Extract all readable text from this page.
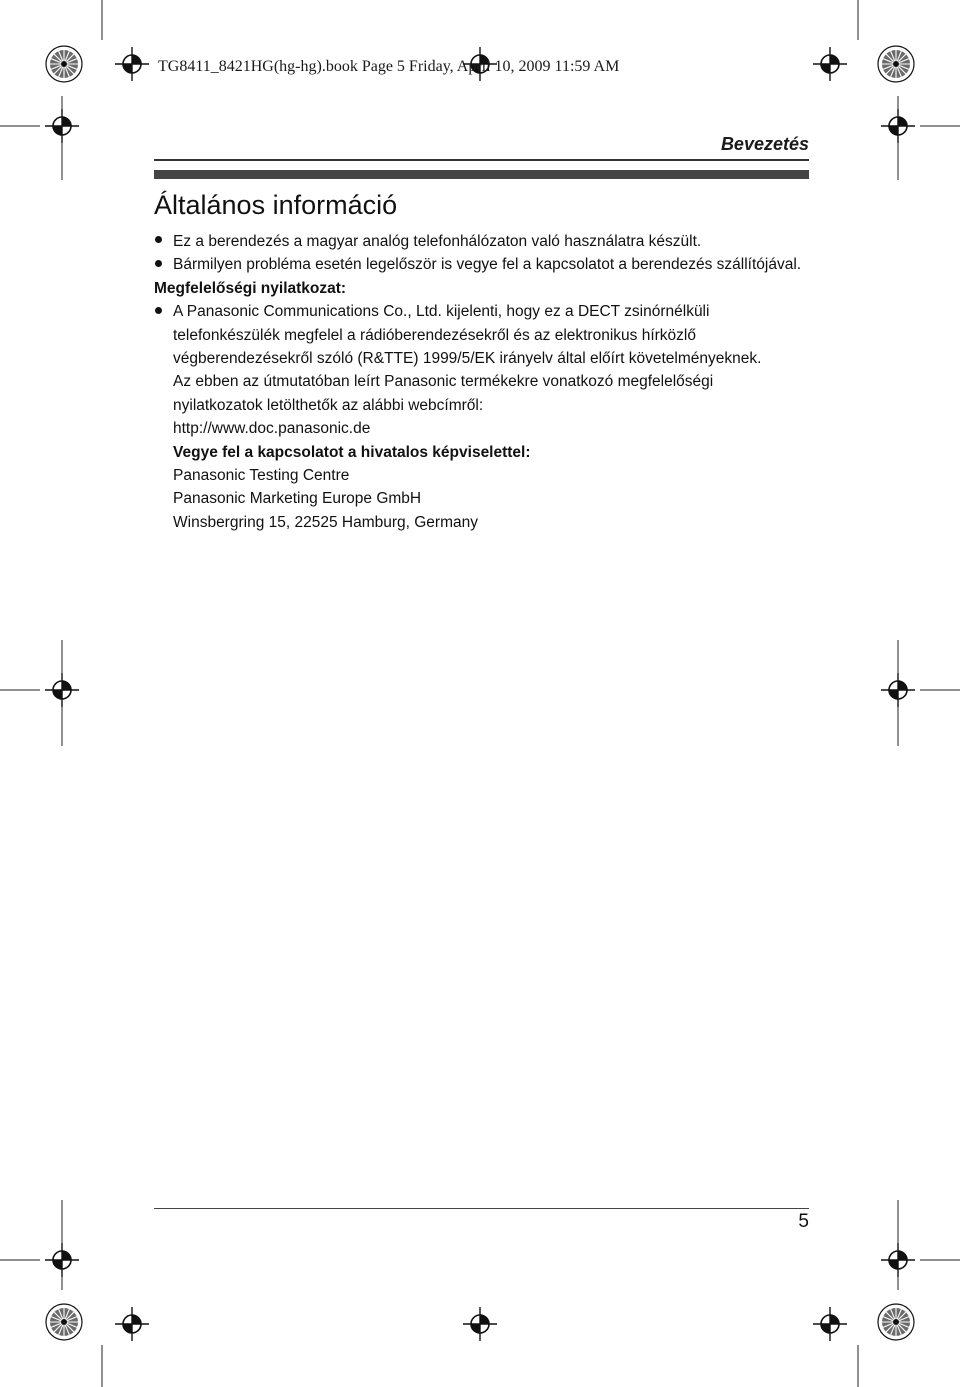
TG8411_8421HG(hg-hg).book Page 5 Friday, April 10, 2009 11:59 AM
Bevezetés
Általános információ
Ez a berendezés a magyar analóg telefonhálózaton való használatra készült.
Bármilyen probléma esetén legelőször is vegye fel a kapcsolatot a berendezés szállítójával.
Megfelelőségi nyilatkozat:
A Panasonic Communications Co., Ltd. kijelenti, hogy ez a DECT zsinórnélküli
telefonkészülék megfelel a rádióberendezésekről és az elektronikus hírközlő
végberendezésekről szóló (R&TTE) 1999/5/EK irányelv által előírt követelményeknek.
Az ebben az útmutatóban leírt Panasonic termékekre vonatkozó megfelelőségi
nyilatkozatok letölthetők az alábbi webcímről:
http://www.doc.panasonic.de
Vegye fel a kapcsolatot a hivatalos képviselettel:
Panasonic Testing Centre
Panasonic Marketing Europe GmbH
Winsbergring 15, 22525 Hamburg, Germany
5
